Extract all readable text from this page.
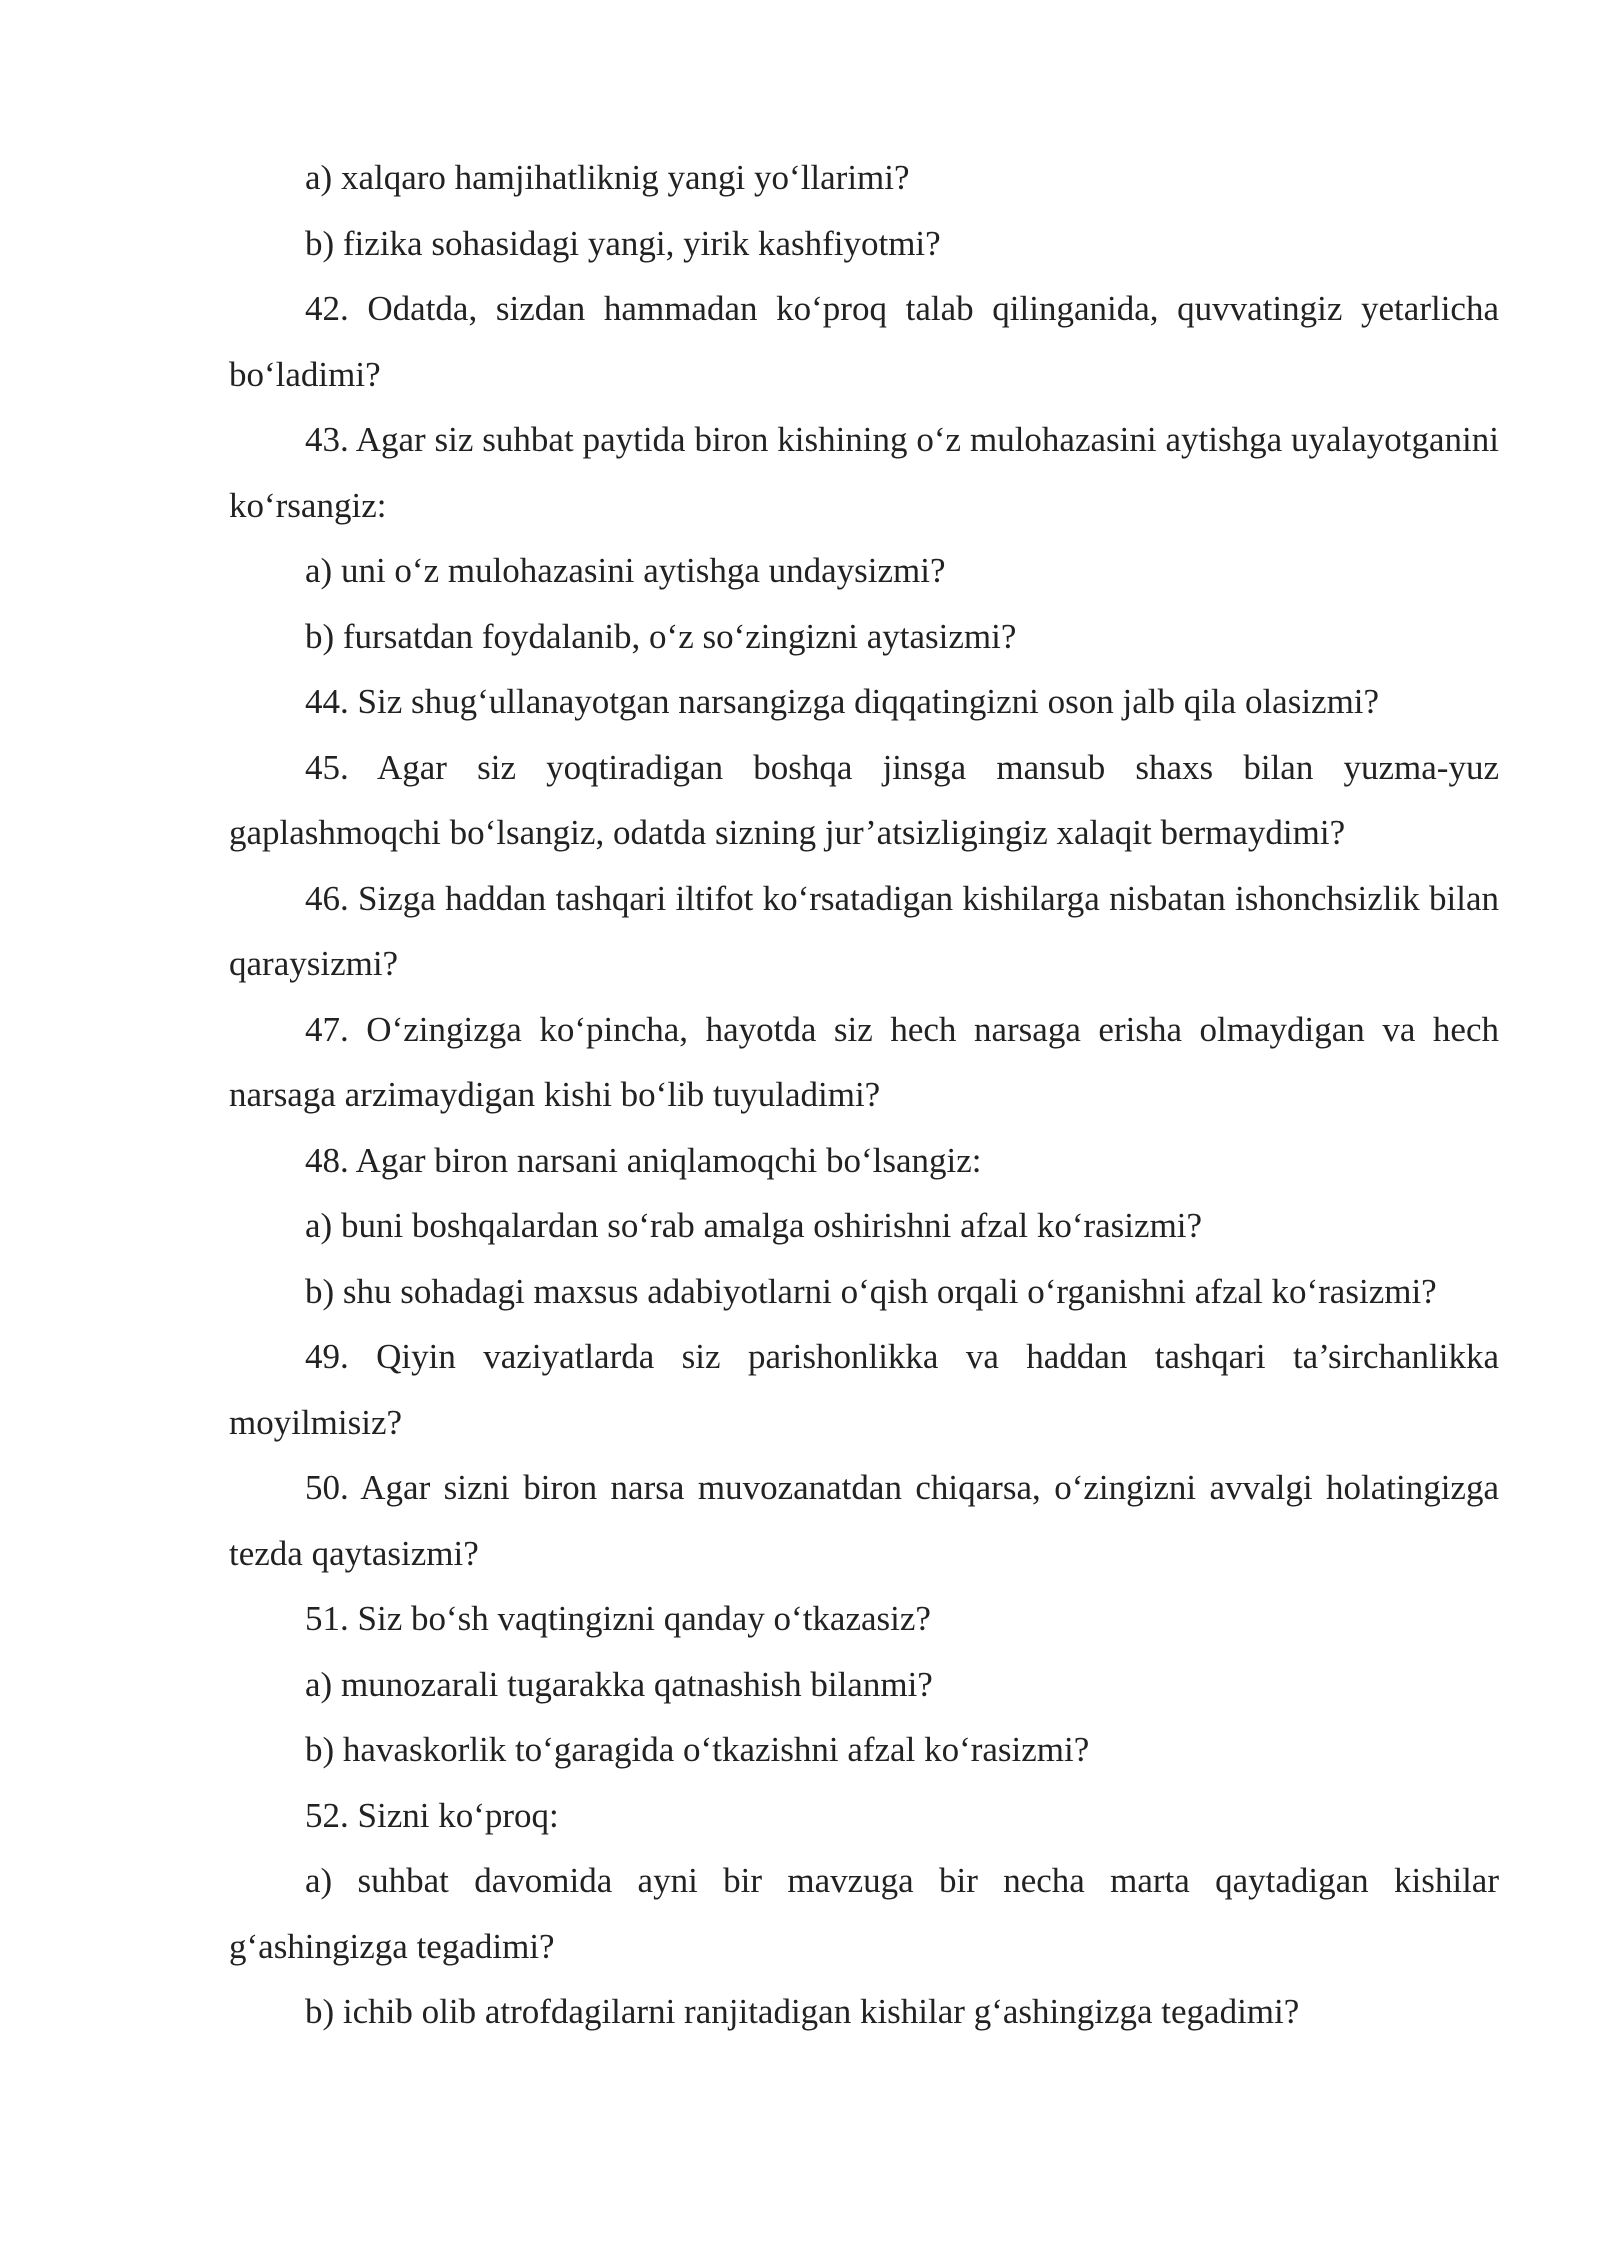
a) xalqaro hamjihatliknig yangi yo‘llarimi?

b) fizika sohasidagi yangi, yirik kashfiyotmi?

42. Odatda, sizdan hammadan ko‘proq talab qilinganida, quvvatingiz yetarlicha bo‘ladimi?

43. Agar siz suhbat paytida biron kishining o‘z mulohazasini aytishga uyalayotganini ko‘rsangiz:

a) uni o‘z mulohazasini aytishga undaysizmi?

b) fursatdan foydalanib, o‘z so‘zingizni aytasizmi?

44. Siz shug‘ullanayotgan narsangizga diqqatingizni oson jalb qila olasizmi?

45. Agar siz yoqtiradigan boshqa jinsga mansub shaxs bilan yuzma-yuz gaplashmoqchi bo‘lsangiz, odatda sizning jur’atsizligingiz xalaqit bermaydimi?

46. Sizga haddan tashqari iltifot ko‘rsatadigan kishilarga nisbatan ishonchsizlik bilan qaraysizmi?

47. O‘zingizga ko‘pincha, hayotda siz hech narsaga erisha olmaydigan va hech narsaga arzimaydigan kishi bo‘lib tuyuladimi?

48. Agar biron narsani aniqlamoqchi bo‘lsangiz:

a) buni boshqalardan so‘rab amalga oshirishni afzal ko‘rasizmi?

b) shu sohadagi maxsus adabiyotlarni o‘qish orqali o‘rganishni afzal ko‘rasizmi?

49. Qiyin vaziyatlarda siz parishonlikka va haddan tashqari ta’sirchanlikka moyilmisiz?

50. Agar sizni biron narsa muvozanatdan chiqarsa, o‘zingizni avvalgi holatingizga tezda qaytasizmi?

51. Siz bo‘sh vaqtingizni qanday o‘tkazasiz?

a) munozarali tugarakka qatnashish bilanmi?

b) havaskorlik to‘garagida o‘tkazishni afzal ko‘rasizmi?

52. Sizni ko‘proq:

a) suhbat davomida ayni bir mavzuga bir necha marta qaytadigan kishilar g‘ashingizga tegadimi?

b) ichib olib atrofdagilarni ranjitadigan kishilar g‘ashingizga tegadimi?
